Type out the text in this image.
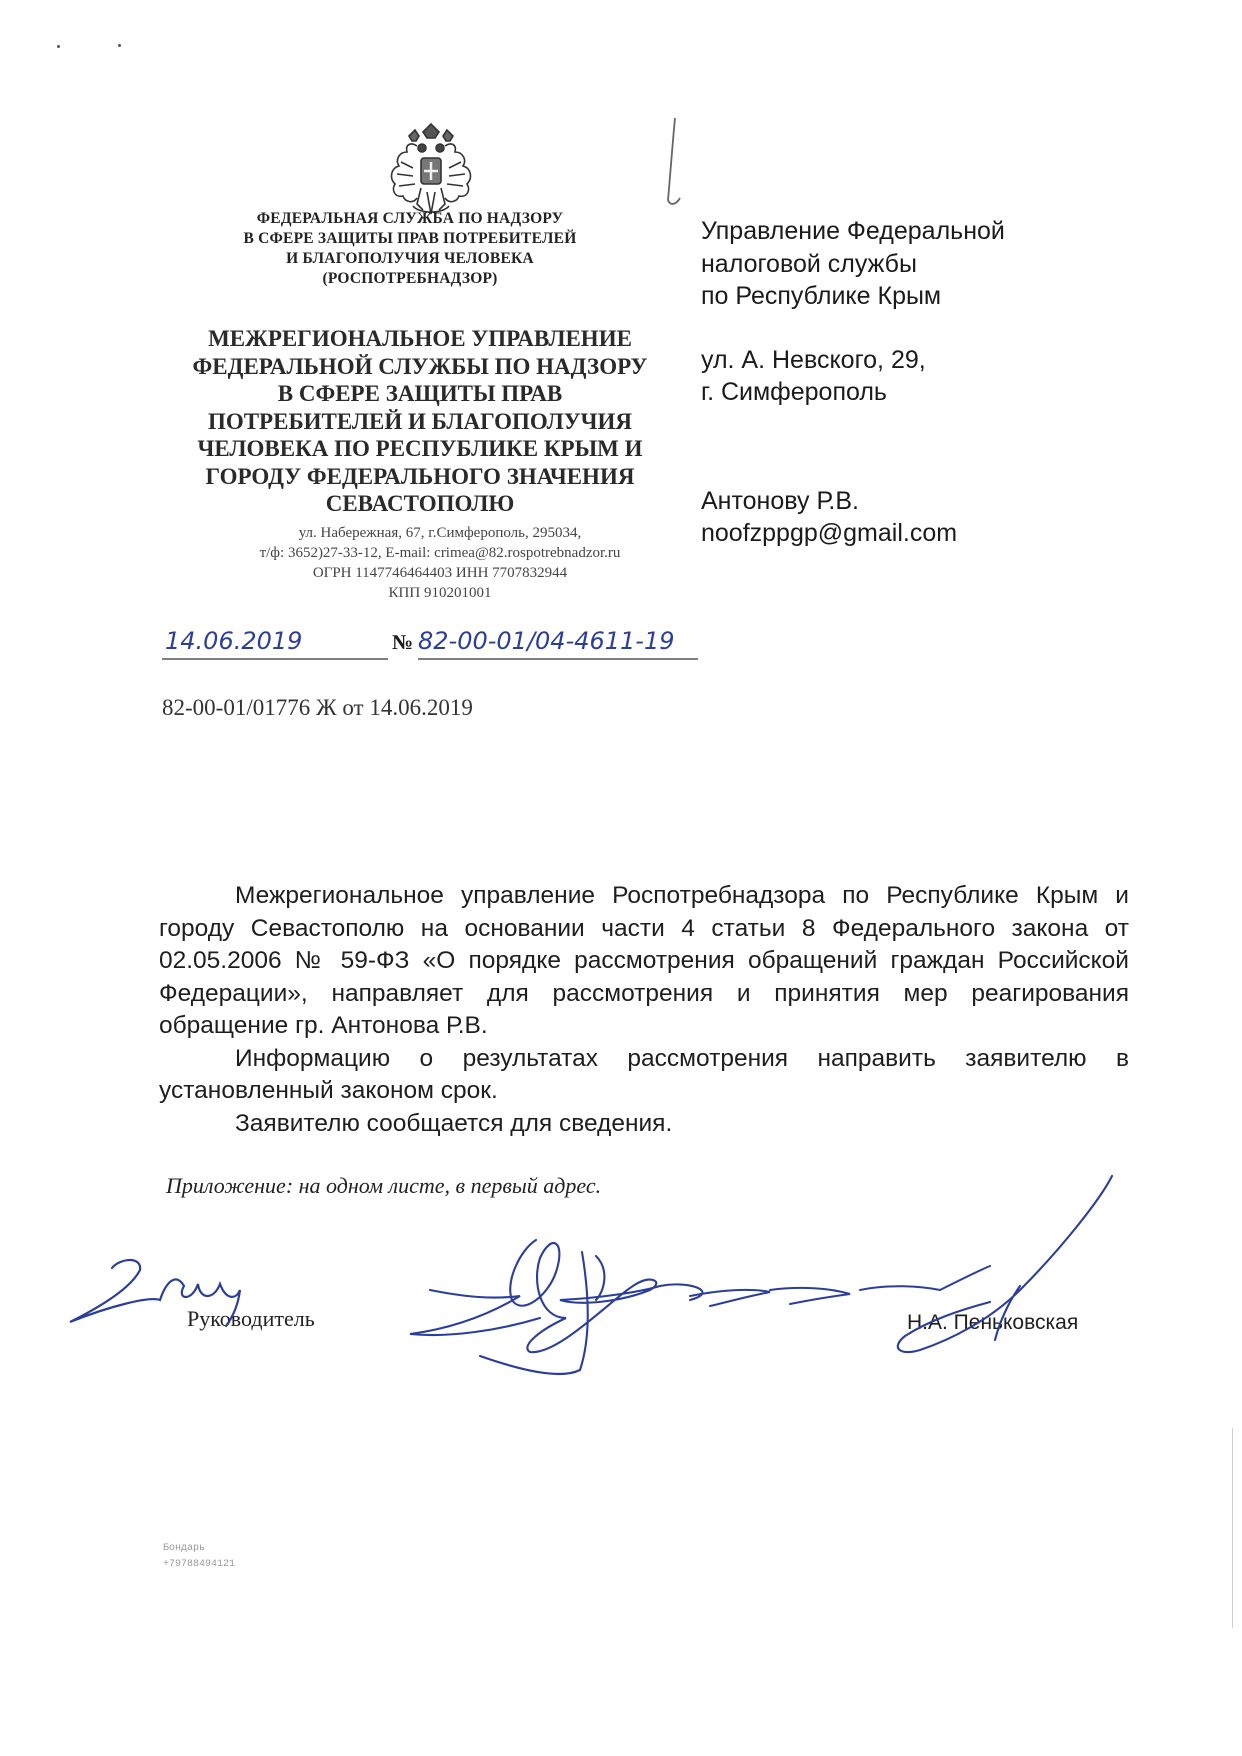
ФЕДЕРАЛЬНАЯ СЛУЖБА ПО НАДЗОРУ
В СФЕРЕ ЗАЩИТЫ ПРАВ ПОТРЕБИТЕЛЕЙ
И БЛАГОПОЛУЧИЯ ЧЕЛОВЕКА
(РОСПОТРЕБНАДЗОР)
МЕЖРЕГИОНАЛЬНОЕ УПРАВЛЕНИЕ
ФЕДЕРАЛЬНОЙ СЛУЖБЫ ПО НАДЗОРУ
В СФЕРЕ ЗАЩИТЫ ПРАВ
ПОТРЕБИТЕЛЕЙ И БЛАГОПОЛУЧИЯ
ЧЕЛОВЕКА ПО РЕСПУБЛИКЕ КРЫМ И
ГОРОДУ ФЕДЕРАЛЬНОГО ЗНАЧЕНИЯ
СЕВАСТОПОЛЮ
ул. Набережная, 67, г.Симферополь, 295034,
т/ф: 3652)27-33-12, E-mail: crimea@82.rospotrebnadzor.ru
ОГРН 1147746464403 ИНН 7707832944
КПП 910201001
Управление Федеральной
налоговой службы
по Республике Крым
ул. А. Невского, 29,
г. Симферополь
Антонову Р.В.
noofzppgp@gmail.com
14.06.2019	№ 82-00-01/04-4611-19
82-00-01/01776 Ж от 14.06.2019

Межрегиональное управление Роспотребнадзора по Республике Крым и городу Севастополю на основании части 4 статьи 8 Федерального закона от 02.05.2006 № 59-ФЗ «О порядке рассмотрения обращений граждан Российской Федерации», направляет для рассмотрения и принятия мер реагирования обращение гр. Антонова Р.В.

Информацию о результатах рассмотрения направить заявителю в установленный законом срок.

Заявителю сообщается для сведения.

Приложение: на одном листе, в первый адрес.
Руководитель	Н.А. Пеньковская
Бондарь
+79788494121
